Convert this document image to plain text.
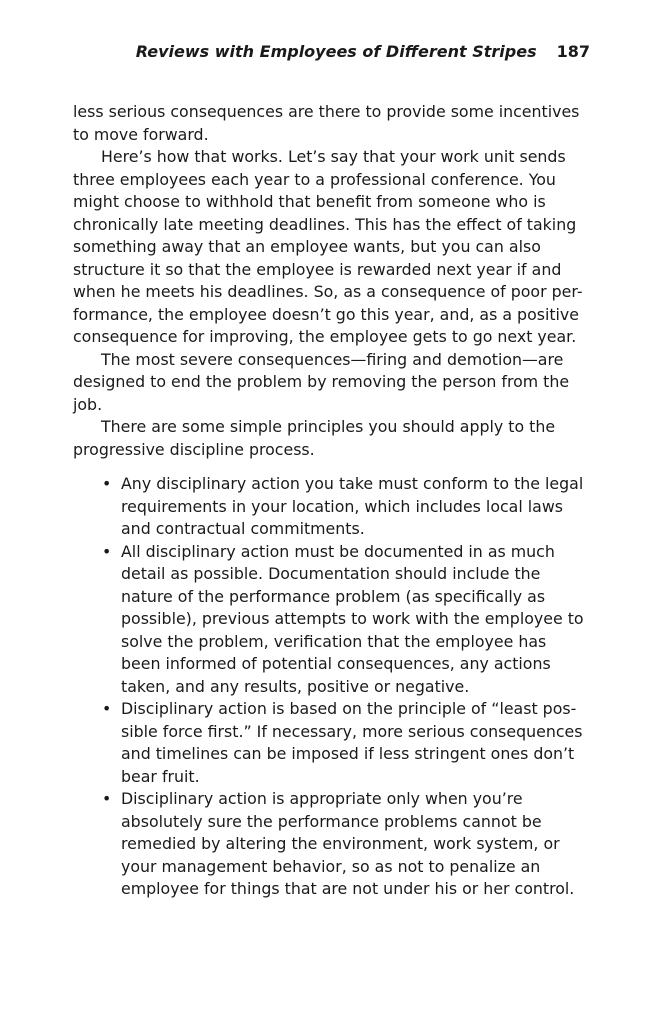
Reviews with Employees of Different Stripes 187

less serious consequences are there to provide some incentives to move forward.

Here’s how that works. Let’s say that your work unit sends three employees each year to a professional conference. You might choose to withhold that benefit from someone who is chronically late meeting deadlines. This has the effect of taking something away that an employee wants, but you can also structure it so that the employee is rewarded next year if and when he meets his deadlines. So, as a consequence of poor per-formance, the employee doesn’t go this year, and, as a positive consequence for improving, the employee gets to go next year.

The most severe consequences—firing and demotion—are designed to end the problem by removing the person from the job.

There are some simple principles you should apply to the progressive discipline process.

• Any disciplinary action you take must conform to the legal requirements in your location, which includes local laws and contractual commitments.
• All disciplinary action must be documented in as much detail as possible. Documentation should include the nature of the performance problem (as specifically as possible), previous attempts to work with the employee to solve the problem, verification that the employee has been informed of potential consequences, any actions taken, and any results, positive or negative.
• Disciplinary action is based on the principle of “least pos-sible force first.” If necessary, more serious consequences and timelines can be imposed if less stringent ones don’t bear fruit.
• Disciplinary action is appropriate only when you’re absolutely sure the performance problems cannot be remedied by altering the environment, work system, or your management behavior, so as not to penalize an employee for things that are not under his or her control.
